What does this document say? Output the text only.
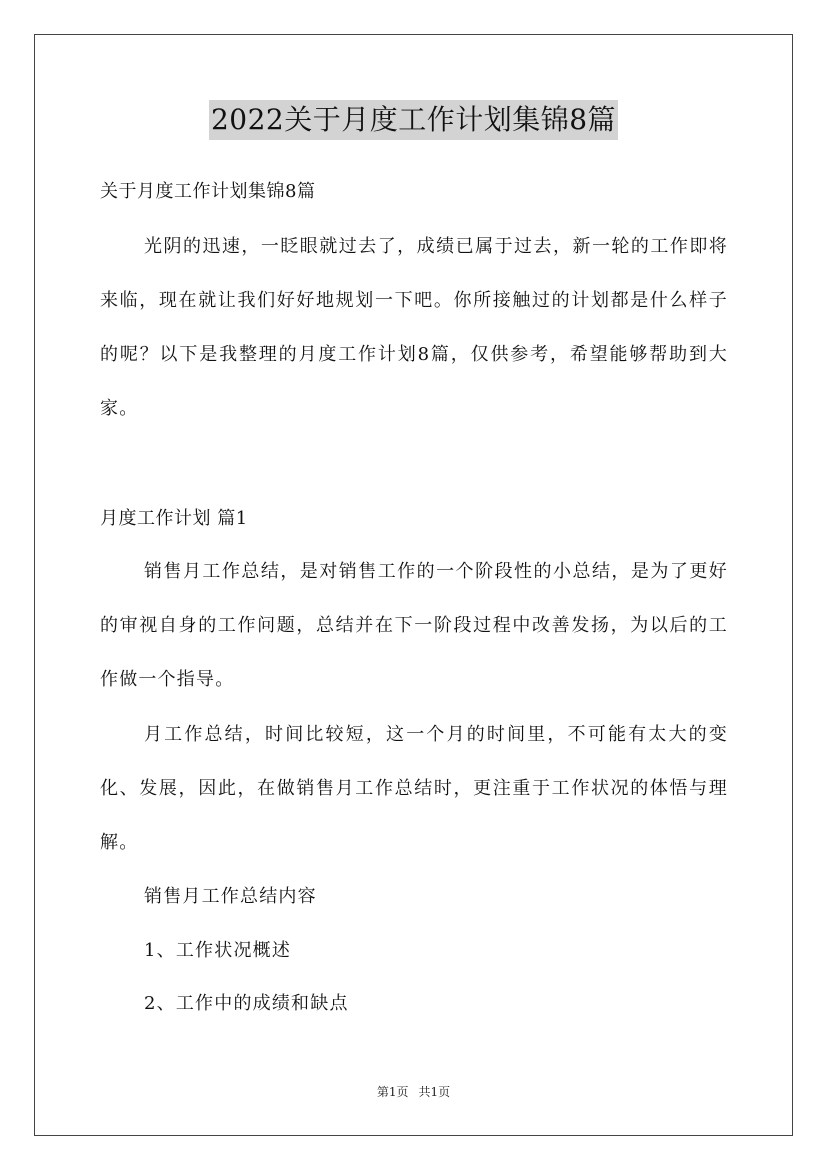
2022关于月度工作计划集锦8篇

关于月度工作计划集锦8篇

光阴的迅速，一眨眼就过去了，成绩已属于过去，新一轮的工作即将来临，现在就让我们好好地规划一下吧。你所接触过的计划都是什么样子的呢？以下是我整理的月度工作计划8篇，仅供参考，希望能够帮助到大家。

月度工作计划 篇1

销售月工作总结，是对销售工作的一个阶段性的小总结，是为了更好的审视自身的工作问题，总结并在下一阶段过程中改善发扬，为以后的工作做一个指导。

月工作总结，时间比较短，这一个月的时间里，不可能有太大的变化、发展，因此，在做销售月工作总结时，更注重于工作状况的体悟与理解。

销售月工作总结内容

1、工作状况概述

2、工作中的成绩和缺点

第1页 共1页
